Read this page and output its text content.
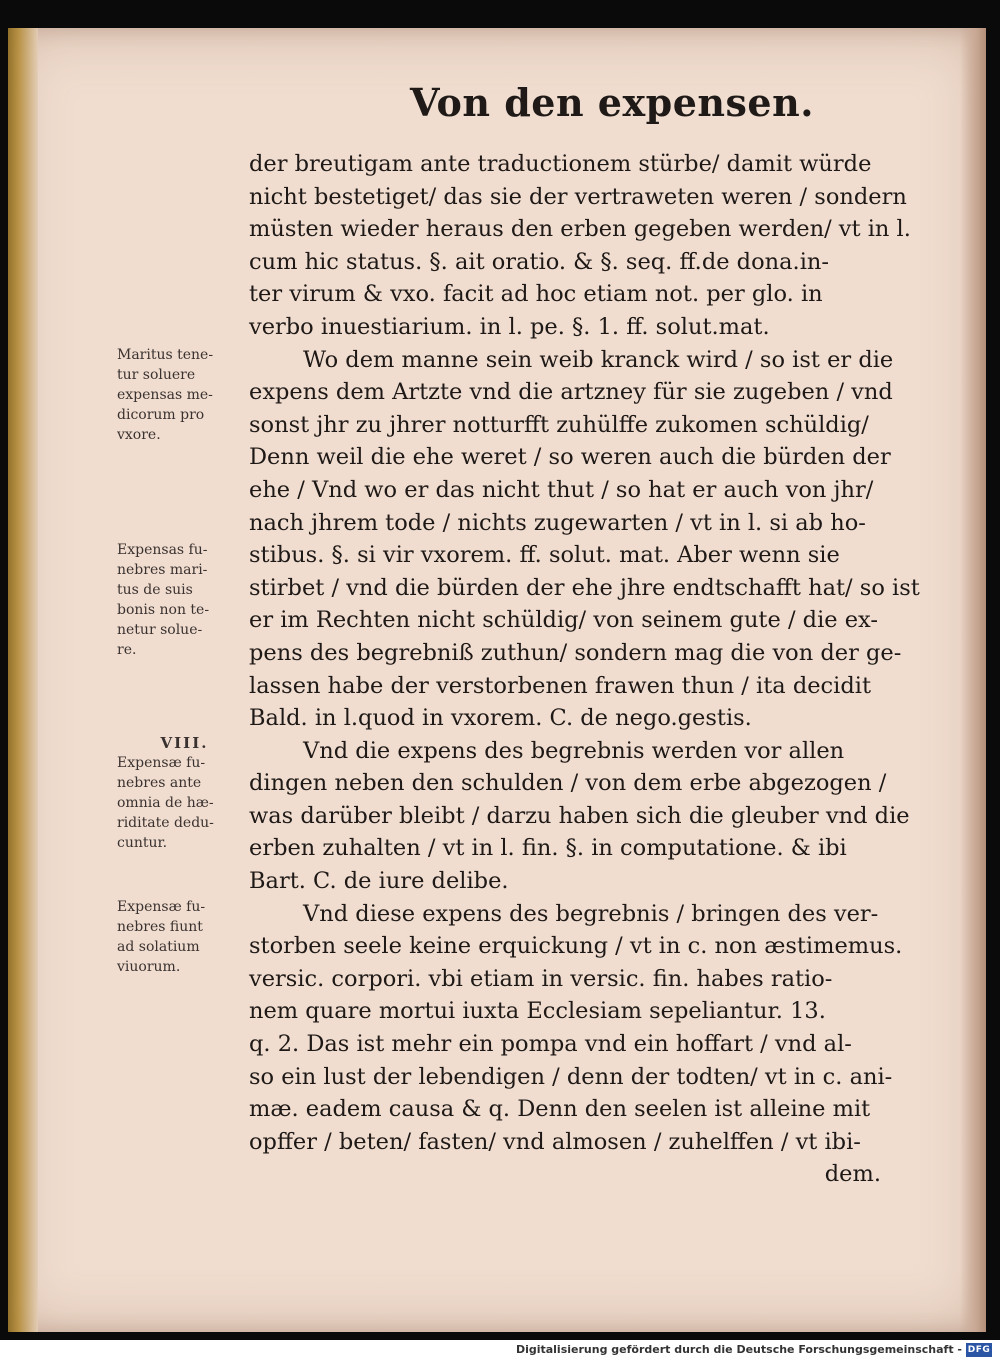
Von den expensen.
der breutigam ante traductionem stürbe/ damit würde
nicht bestetiget/ das sie der vertraweten weren / sondern
müsten wieder heraus den erben gegeben werden/ vt in l.
cum hic status. §. ait oratio. & §. seq. ff.de dona.in-
ter virum & vxo. facit ad hoc etiam not. per glo. in
verbo inuestiarium. in l. pe. §. 1. ff. solut.mat.
Wo dem manne sein weib kranck wird / so ist er die
expens dem Artzte vnd die artzney für sie zugeben / vnd
sonst jhr zu jhrer notturfft zuhülffe zukomen schüldig/
Denn weil die ehe weret / so weren auch die bürden der
ehe / Vnd wo er das nicht thut / so hat er auch von jhr/
nach jhrem tode / nichts zugewarten / vt in l. si ab ho-
stibus. §. si vir vxorem. ff. solut. mat. Aber wenn sie
stirbet / vnd die bürden der ehe jhre endtschafft hat/ so ist
er im Rechten nicht schüldig/ von seinem gute / die ex-
pens des begrebniß zuthun/ sondern mag die von der ge-
lassen habe der verstorbenen frawen thun / ita decidit
Bald. in l.quod in vxorem. C. de nego.gestis.
Vnd die expens des begrebnis werden vor allen
dingen neben den schulden / von dem erbe abgezogen /
was darüber bleibt / darzu haben sich die gleuber vnd die
erben zuhalten / vt in l. fin. §. in computatione. & ibi
Bart. C. de iure delibe.
Vnd diese expens des begrebnis / bringen des ver-
storben seele keine erquickung / vt in c. non æstimemus.
versic. corpori. vbi etiam in versic. fin. habes ratio-
nem quare mortui iuxta Ecclesiam sepeliantur. 13.
q. 2. Das ist mehr ein pompa vnd ein hoffart / vnd al-
so ein lust der lebendigen / denn der todten/ vt in c. ani-
mæ. eadem causa & q. Denn den seelen ist alleine mit
opffer / beten/ fasten/ vnd almosen / zuhelffen / vt ibi-
dem.
Maritus tene-
tur soluere
expensas me-
dicorum pro
vxore.
Expensas fu-
nebres mari-
tus de suis
bonis non te-
netur solue-
re.
VIII.
Expensæ fu-
nebres ante
omnia de hæ-
riditate dedu-
cuntur.
Expensæ fu-
nebres fiunt
ad solatium
viuorum.
Digitalisierung gefördert durch die Deutsche Forschungsgemeinschaft - DFG
